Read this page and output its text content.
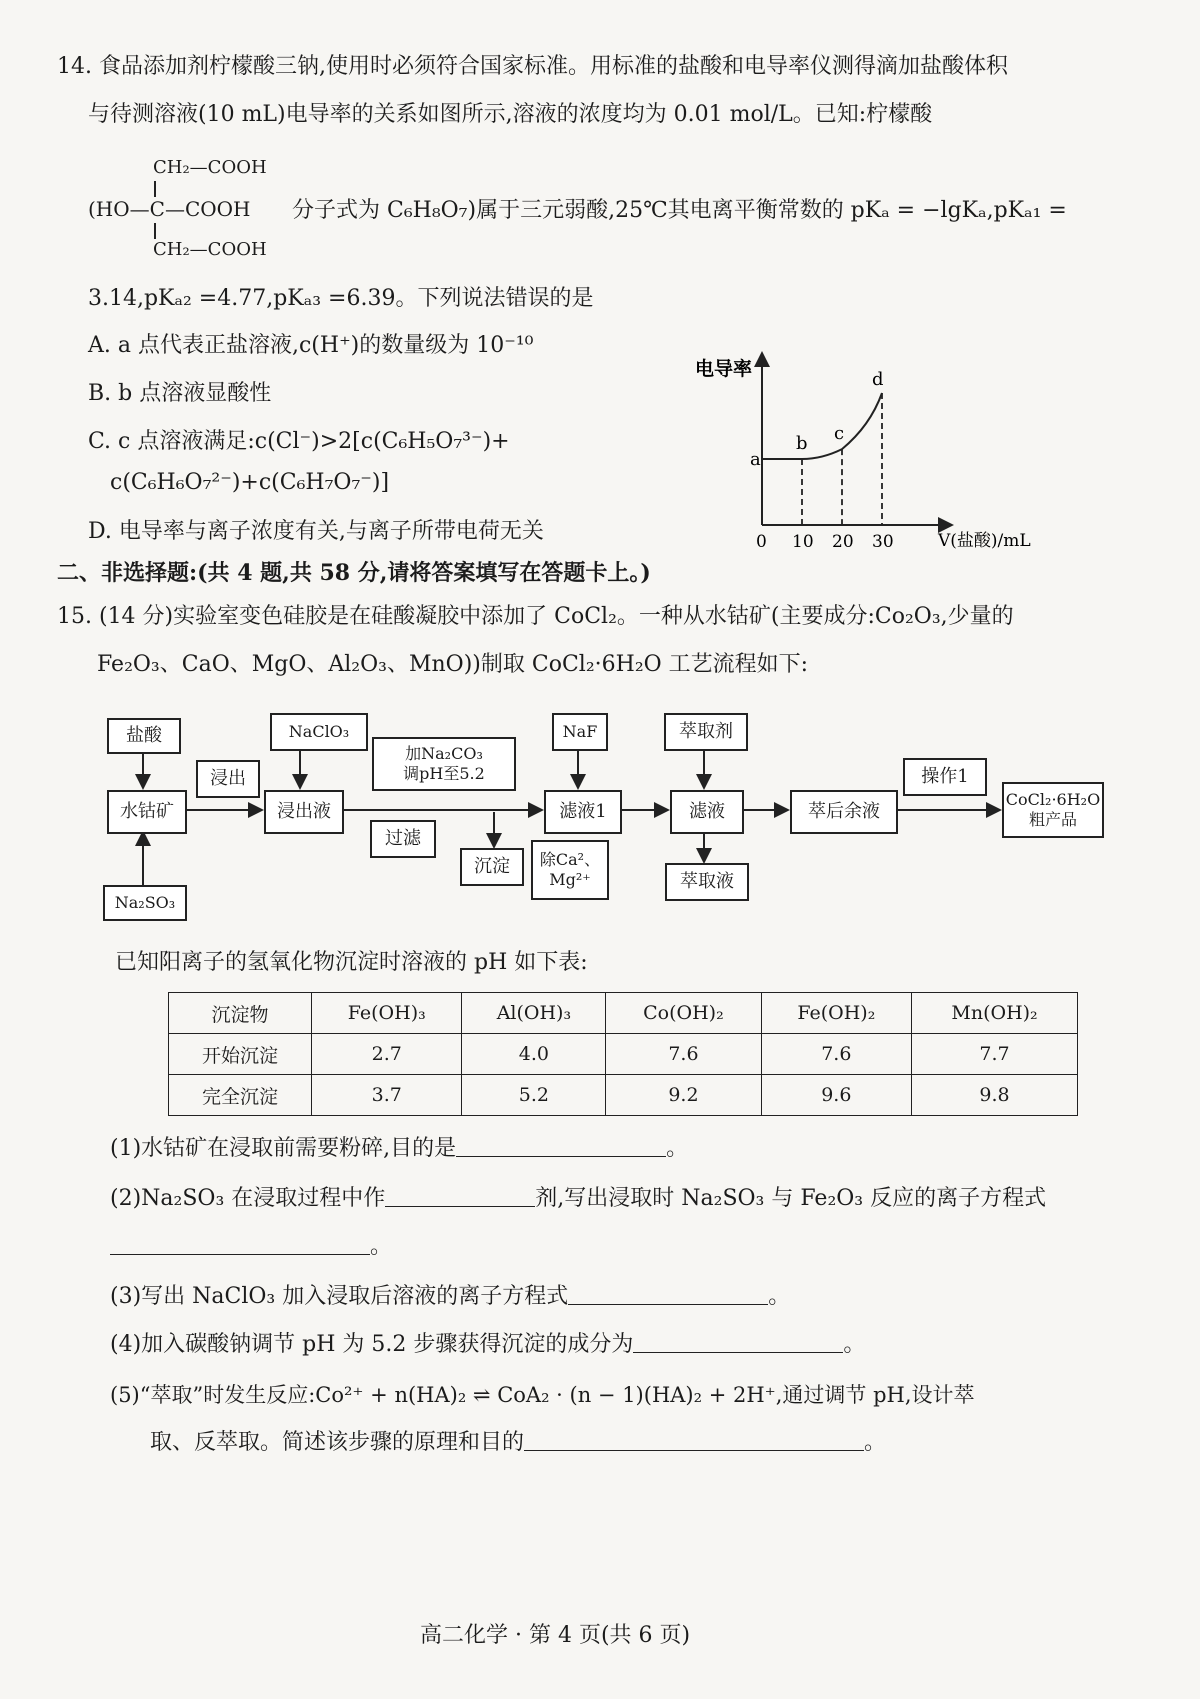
14. 食品添加剂柠檬酸三钠,使用时必须符合国家标准。用标准的盐酸和电导率仪测得滴加盐酸体积
与待测溶液(10 mL)电导率的关系如图所示,溶液的浓度均为 0.01 mol/L。已知:柠檬酸
CH₂—COOH
(HO—C—COOH
CH₂—COOH
分子式为 C₆H₈O₇)属于三元弱酸,25℃其电离平衡常数的 pKₐ = −lgKₐ,pKₐ₁ =
3.14,pKₐ₂ =4.77,pKₐ₃ =6.39。下列说法错误的是
A. a 点代表正盐溶液,c(H⁺)的数量级为 10⁻¹⁰
B. b 点溶液显酸性
C. c 点溶液满足:c(Cl⁻)>2[c(C₆H₅O₇³⁻)+
c(C₆H₆O₇²⁻)+c(C₆H₇O₇⁻)]
D. 电导率与离子浓度有关,与离子所带电荷无关
a
b c
d
0 10 20 30
电导率
V(盐酸)/mL
二、非选择题:(共 4 题,共 58 分,请将答案填写在答题卡上。)
15. (14 分)实验室变色硅胶是在硅酸凝胶中添加了 CoCl₂。一种从水钴矿(主要成分:Co₂O₃,少量的
Fe₂O₃、CaO、MgO、Al₂O₃、MnO))制取 CoCl₂·6H₂O 工艺流程如下:
盐酸
水钴矿
Na₂SO₃
浸出
NaClO₃
浸出液
加Na₂CO₃
调pH至5.2
过滤
沉淀
NaF
滤液1
除Ca²、
Mg²⁺
萃取剂
滤液
萃取液
萃后余液
操作1
CoCl₂·6H₂O
粗产品
已知阳离子的氢氧化物沉淀时溶液的 pH 如下表:
沉淀物	Fe(OH)₃	Al(OH)₃	Co(OH)₂	Fe(OH)₂	Mn(OH)₂
开始沉淀	2.7	4.0	7.6	7.6	7.7
完全沉淀	3.7	5.2	9.2	9.6	9.8
(1)水钴矿在浸取前需要粉碎,目的是	。
(2)Na₂SO₃ 在浸取过程中作	剂,写出浸取时 Na₂SO₃ 与 Fe₂O₃ 反应的离子方程式
。
(3)写出 NaClO₃ 加入浸取后溶液的离子方程式	。
(4)加入碳酸钠调节 pH 为 5.2 步骤获得沉淀的成分为	。
(5)“萃取”时发生反应:Co²⁺ + n(HA)₂ ⇌ CoA₂ · (n − 1)(HA)₂ + 2H⁺,通过调节 pH,设计萃
取、反萃取。简述该步骤的原理和目的	。
高二化学 · 第 4 页(共 6 页)
